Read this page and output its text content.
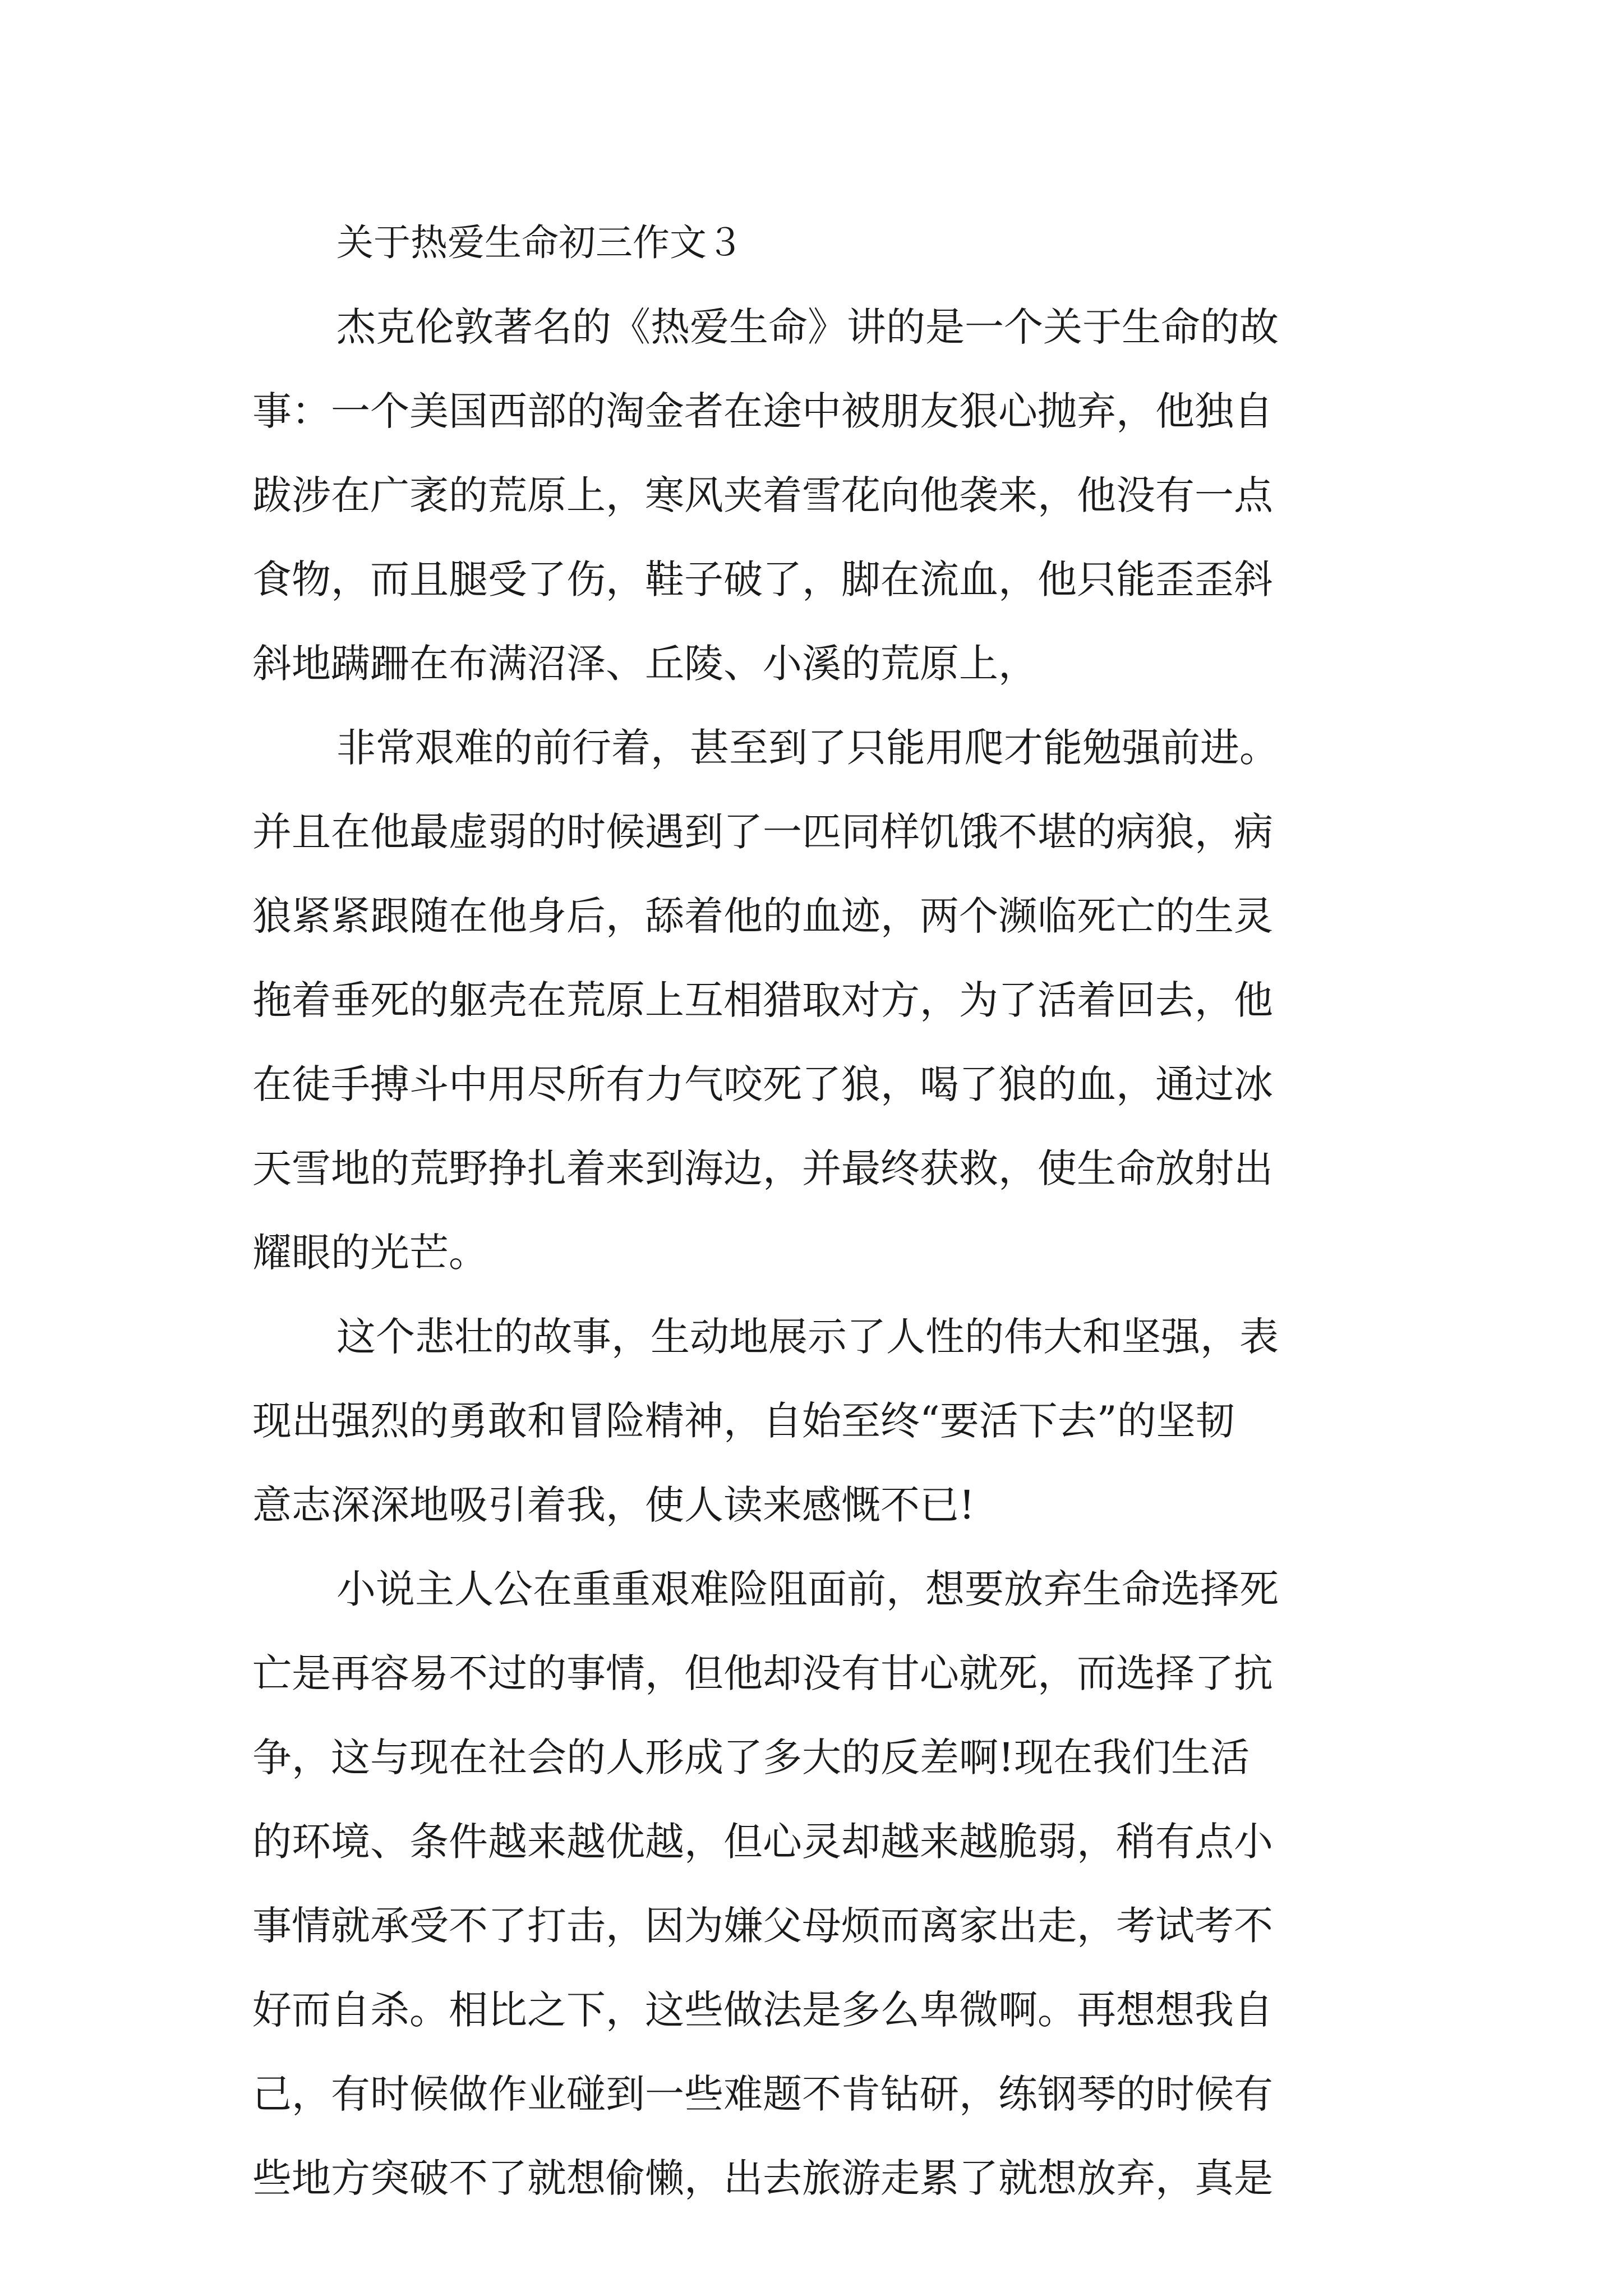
关于热爱生命初三作文３
杰克伦敦著名的《热爱生命》讲的是一个关于生命的故
事：一个美国西部的淘金者在途中被朋友狠心抛弃，他独自
跋涉在广袤的荒原上，寒风夹着雪花向他袭来，他没有一点
食物，而且腿受了伤，鞋子破了，脚在流血，他只能歪歪斜
斜地蹒跚在布满沼泽、丘陵、小溪的荒原上，
非常艰难的前行着，甚至到了只能用爬才能勉强前进。
并且在他最虚弱的时候遇到了一匹同样饥饿不堪的病狼，病
狼紧紧跟随在他身后，舔着他的血迹，两个濒临死亡的生灵
拖着垂死的躯壳在荒原上互相猎取对方，为了活着回去，他
在徒手搏斗中用尽所有力气咬死了狼，喝了狼的血，通过冰
天雪地的荒野挣扎着来到海边，并最终获救，使生命放射出
耀眼的光芒。
这个悲壮的故事，生动地展示了人性的伟大和坚强，表
现出强烈的勇敢和冒险精神，自始至终“要活下去”的坚韧
意志深深地吸引着我，使人读来感慨不已!
小说主人公在重重艰难险阻面前，想要放弃生命选择死
亡是再容易不过的事情，但他却没有甘心就死，而选择了抗
争，这与现在社会的人形成了多大的反差啊!现在我们生活
的环境、条件越来越优越，但心灵却越来越脆弱，稍有点小
事情就承受不了打击，因为嫌父母烦而离家出走，考试考不
好而自杀。相比之下，这些做法是多么卑微啊。再想想我自
己，有时候做作业碰到一些难题不肯钻研，练钢琴的时候有
些地方突破不了就想偷懒，出去旅游走累了就想放弃，真是
